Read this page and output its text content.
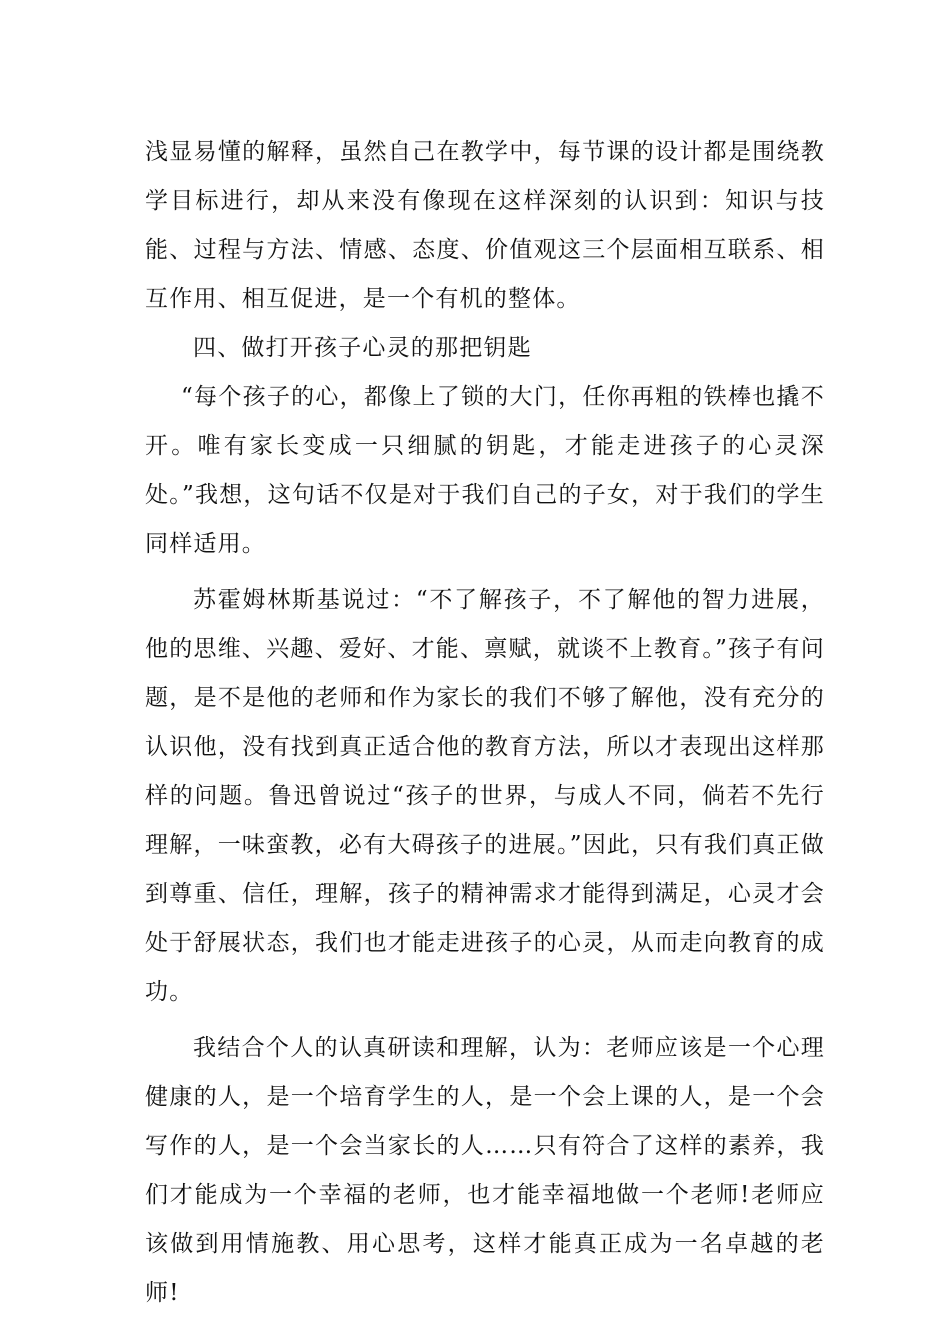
浅显易懂的解释，虽然自己在教学中，每节课的设计都是围绕教学目标进行，却从来没有像现在这样深刻的认识到：知识与技能、过程与方法、情感、态度、价值观这三个层面相互联系、相互作用、相互促进，是一个有机的整体。

四、做打开孩子心灵的那把钥匙

“每个孩子的心，都像上了锁的大门，任你再粗的铁棒也撬不开。唯有家长变成一只细腻的钥匙，才能走进孩子的心灵深处。”我想，这句话不仅是对于我们自己的子女，对于我们的学生同样适用。

苏霍姆林斯基说过：“不了解孩子，不了解他的智力进展，他的思维、兴趣、爱好、才能、禀赋，就谈不上教育。”孩子有问题，是不是他的老师和作为家长的我们不够了解他，没有充分的认识他，没有找到真正适合他的教育方法，所以才表现出这样那样的问题。鲁迅曾说过“孩子的世界，与成人不同，倘若不先行理解，一味蛮教，必有大碍孩子的进展。”因此，只有我们真正做到尊重、信任，理解，孩子的精神需求才能得到满足，心灵才会处于舒展状态，我们也才能走进孩子的心灵，从而走向教育的成功。

我结合个人的认真研读和理解，认为：老师应该是一个心理健康的人，是一个培育学生的人，是一个会上课的人，是一个会写作的人，是一个会当家长的人……只有符合了这样的素养，我们才能成为一个幸福的老师，也才能幸福地做一个老师!老师应该做到用情施教、用心思考，这样才能真正成为一名卓越的老师!
